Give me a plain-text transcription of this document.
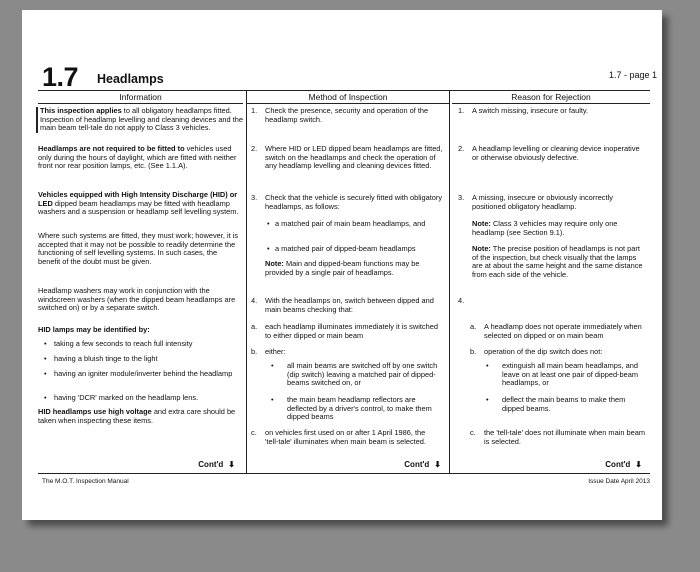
1.7 Headlamps	1.7 - page 1
Information

This inspection applies to all obligatory headlamps fitted. Inspection of headlamp levelling and cleaning devices and the main beam tell-tale do not apply to Class 3 vehicles.

Headlamps are not required to be fitted to vehicles used only during the hours of daylight, which are fitted with neither front nor rear position lamps, etc. (See 1.1.A).

Vehicles equipped with High Intensity Discharge (HID) or LED dipped beam headlamps may be fitted with headlamp washers and a suspension or headlamp self levelling system.

Where such systems are fitted, they must work; however, it is accepted that it may not be possible to readily determine the functioning of self levelling systems. In such cases, the benefit of the doubt must be given.

Headlamp washers may work in conjunction with the windscreen washers (when the dipped beam headlamps are switched on) or by a separate switch.

HID lamps may be identified by:

•	taking a few seconds to reach full intensity

•	having a bluish tinge to the light

•	having an igniter module/inverter behind the headlamp

•	having 'DCR' marked on the headlamp lens.

HID headlamps use high voltage and extra care should be taken when inspecting these items.

Cont'd ⬇
Method of Inspection
1.	Check the presence, security and operation of the headlamp switch.

2.	Where HID or LED dipped beam headlamps are fitted, switch on the headlamps and check the operation of any headlamp levelling and cleaning devices fitted.

3.	Check that the vehicle is securely fitted with obligatory headlamps, as follows:

• a matched pair of main beam headlamps, and

• a matched pair of dipped-beam headlamps

Note: Main and dipped-beam functions may be provided by a single pair of headlamps.

4.	With the headlamps on, switch between dipped and main beams checking that:

a.	each headlamp illuminates immediately it is switched to either dipped or main beam

b.	either:

•	all main beams are switched off by one switch (dip switch) leaving a matched pair of dipped-beams switched on, or

•	the main beam headlamp reflectors are deflected by a driver's control, to make them dipped beams

c.	on vehicles first used on or after 1 April 1986, the 'tell-tale' illuminates when main beam is selected.

Cont'd ⬇
Reason for Rejection
1.	A switch missing, insecure or faulty.

2.	A headlamp levelling or cleaning device inoperative or otherwise obviously defective.

3.	A missing, insecure or obviously incorrectly positioned obligatory headlamp.

Note: Class 3 vehicles may require only one headlamp (see Section 9.1).

Note: The precise position of headlamps is not part of the inspection, but check visually that the lamps are at about the same height and the same distance from each side of the vehicle.

4.

a.	A headlamp does not operate immediately when selected on dipped or on main beam

b.	operation of the dip switch does not:

•	extinguish all main beam headlamps, and leave on at least one pair of dipped-beam headlamps, or

•	deflect the main beams to make them dipped beams.

c.	the 'tell-tale' does not illuminate when main beam is selected.

Cont'd ⬇
The M.O.T. Inspection Manual	Issue Date April 2013
